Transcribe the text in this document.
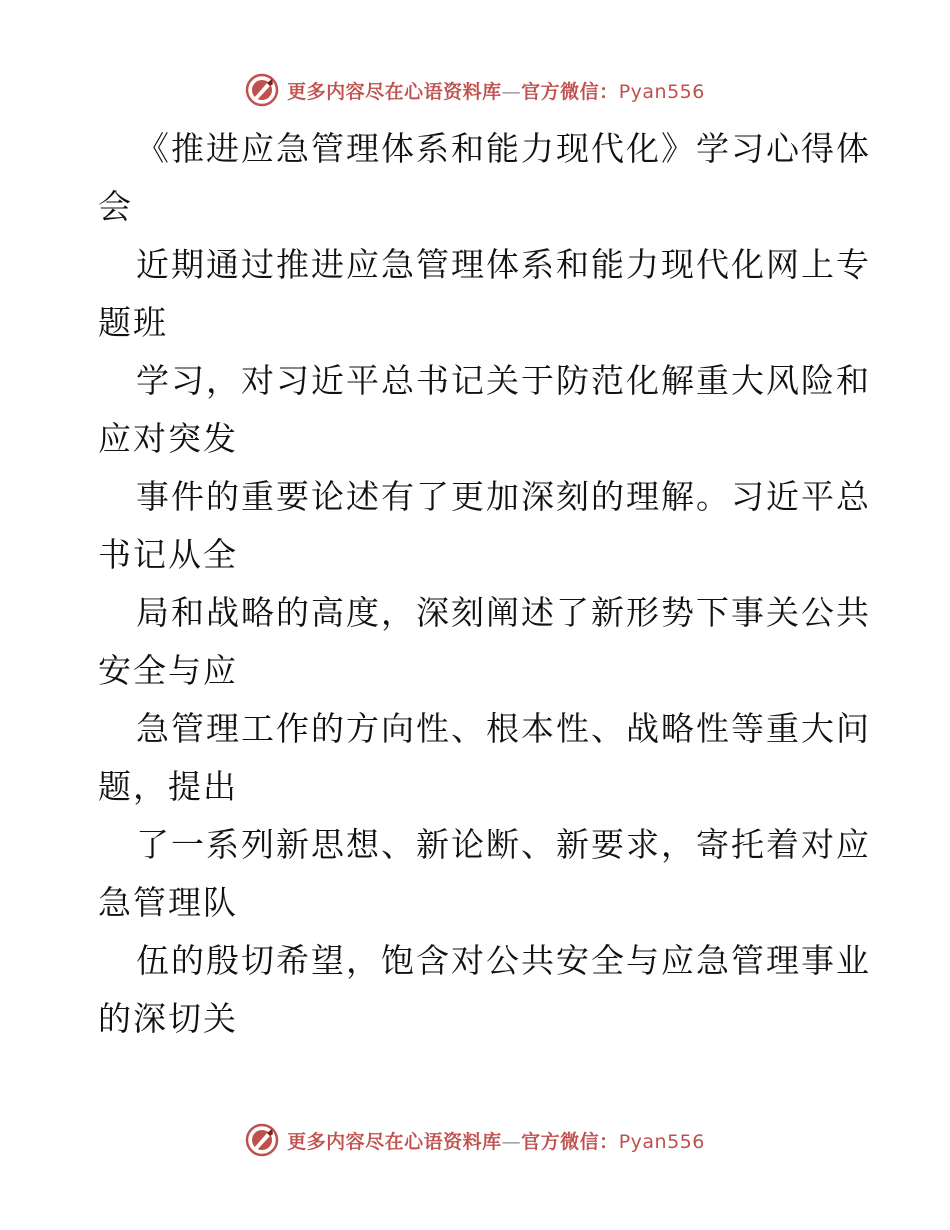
更多内容尽在心语资料库—官方微信：Pyan556
《推进应急管理体系和能力现代化》学习心得体
会
近期通过推进应急管理体系和能力现代化网上专
题班
学习，对习近平总书记关于防范化解重大风险和
应对突发
事件的重要论述有了更加深刻的理解。习近平总
书记从全
局和战略的高度，深刻阐述了新形势下事关公共
安全与应
急管理工作的方向性、根本性、战略性等重大问
题，提出
了一系列新思想、新论断、新要求，寄托着对应
急管理队
伍的殷切希望，饱含对公共安全与应急管理事业
的深切关
更多内容尽在心语资料库—官方微信：Pyan556
